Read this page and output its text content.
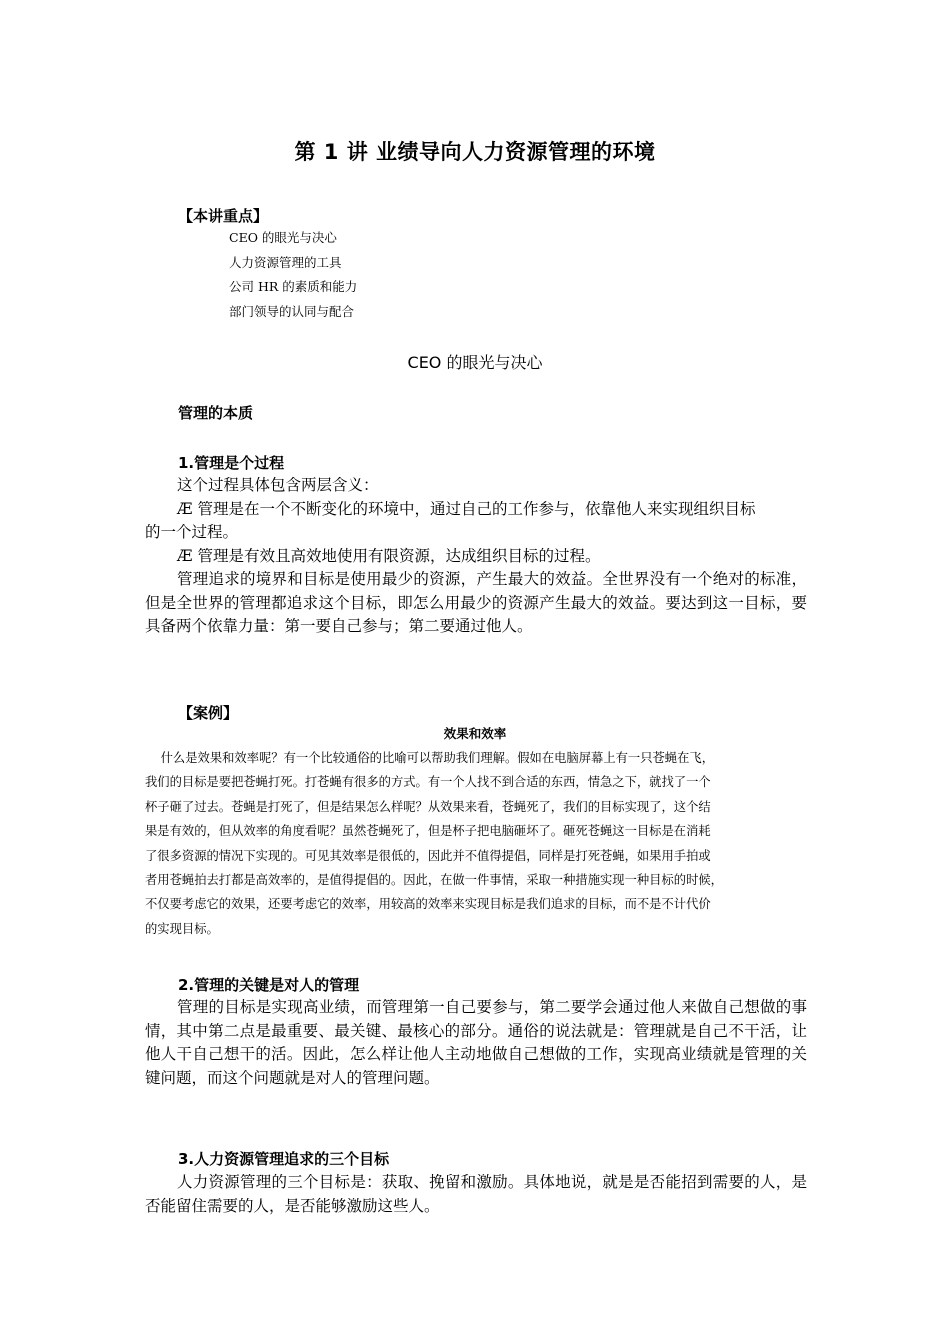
第 1 讲 业绩导向人力资源管理的环境
【本讲重点】
CEO 的眼光与决心
人力资源管理的工具
公司 HR 的素质和能力
部门领导的认同与配合
CEO 的眼光与决心
管理的本质
1.管理是个过程

这个过程具体包含两层含义：

Æ 管理是在一个不断变化的环境中，通过自己的工作参与，依靠他人来实现组织目标

的一个过程。

Æ 管理是有效且高效地使用有限资源，达成组织目标的过程。

管理追求的境界和目标是使用最少的资源，产生最大的效益。全世界没有一个绝对的标准，但是全世界的管理都追求这个目标，即怎么用最少的资源产生最大的效益。要达到这一目标，要具备两个依靠力量：第一要自己参与；第二要通过他人。

【案例】
效果和效率
什么是效果和效率呢？有一个比较通俗的比喻可以帮助我们理解。假如在电脑屏幕上有一只苍蝇在飞，
我们的目标是要把苍蝇打死。打苍蝇有很多的方式。有一个人找不到合适的东西，情急之下，就找了一个
杯子砸了过去。苍蝇是打死了，但是结果怎么样呢？从效果来看，苍蝇死了，我们的目标实现了，这个结
果是有效的，但从效率的角度看呢？虽然苍蝇死了，但是杯子把电脑砸坏了。砸死苍蝇这一目标是在消耗
了很多资源的情况下实现的。可见其效率是很低的，因此并不值得提倡，同样是打死苍蝇，如果用手拍或
者用苍蝇拍去打都是高效率的，是值得提倡的。因此，在做一件事情，采取一种措施实现一种目标的时候，
不仅要考虑它的效果，还要考虑它的效率，用较高的效率来实现目标是我们追求的目标，而不是不计代价
的实现目标。
2.管理的关键是对人的管理

管理的目标是实现高业绩，而管理第一自己要参与，第二要学会通过他人来做自己想做的事情，其中第二点是最重要、最关键、最核心的部分。通俗的说法就是：管理就是自己不干活，让他人干自己想干的活。因此，怎么样让他人主动地做自己想做的工作，实现高业绩就是管理的关键问题，而这个问题就是对人的管理问题。

3.人力资源管理追求的三个目标

人力资源管理的三个目标是：获取、挽留和激励。具体地说，就是是否能招到需要的人，是否能留住需要的人，是否能够激励这些人。
